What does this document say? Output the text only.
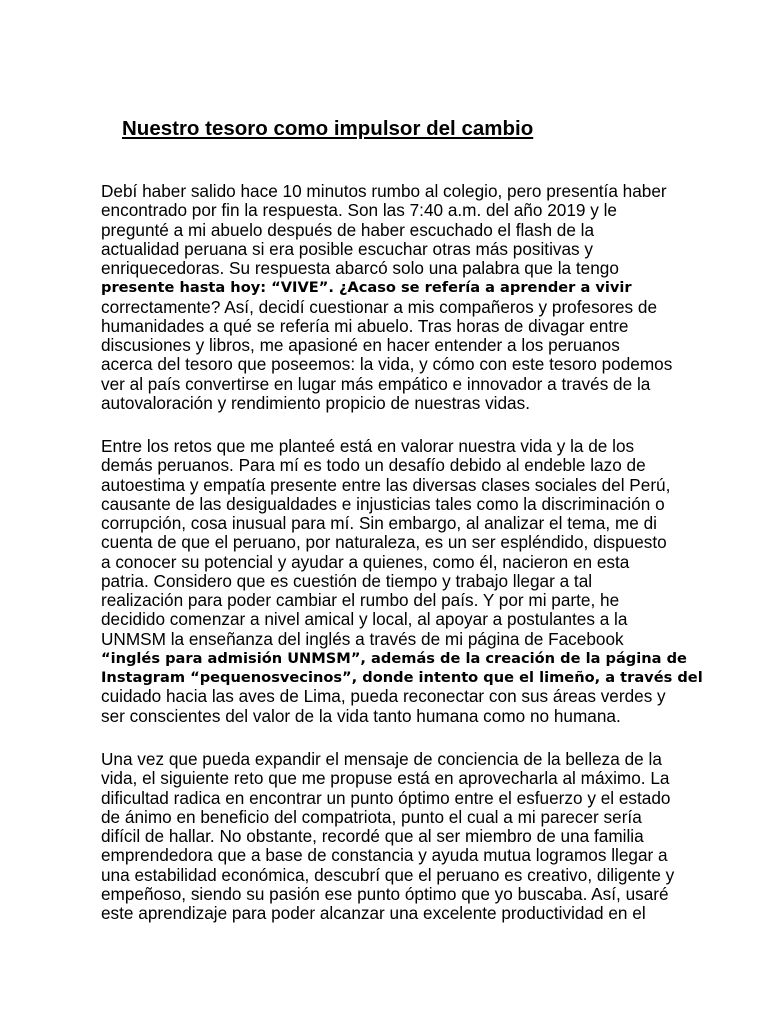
Nuestro tesoro como impulsor del cambio

Debí haber salido hace 10 minutos rumbo al colegio, pero presentía haber
encontrado por fin la respuesta. Son las 7:40 a.m. del año 2019 y le
pregunté a mi abuelo después de haber escuchado el flash de la
actualidad peruana si era posible escuchar otras más positivas y
enriquecedoras. Su respuesta abarcó solo una palabra que la tengo
presente hasta hoy: “VIVE”. ¿Acaso se refería a aprender a vivir
correctamente? Así, decidí cuestionar a mis compañeros y profesores de
humanidades a qué se refería mi abuelo. Tras horas de divagar entre
discusiones y libros, me apasioné en hacer entender a los peruanos
acerca del tesoro que poseemos: la vida, y cómo con este tesoro podemos
ver al país convertirse en lugar más empático e innovador a través de la
autovaloración y rendimiento propicio de nuestras vidas.

Entre los retos que me planteé está en valorar nuestra vida y la de los
demás peruanos. Para mí es todo un desafío debido al endeble lazo de
autoestima y empatía presente entre las diversas clases sociales del Perú,
causante de las desigualdades e injusticias tales como la discriminación o
corrupción, cosa inusual para mí. Sin embargo, al analizar el tema, me di
cuenta de que el peruano, por naturaleza, es un ser espléndido, dispuesto
a conocer su potencial y ayudar a quienes, como él, nacieron en esta
patria. Considero que es cuestión de tiempo y trabajo llegar a tal
realización para poder cambiar el rumbo del país. Y por mi parte, he
decidido comenzar a nivel amical y local, al apoyar a postulantes a la
UNMSM la enseñanza del inglés a través de mi página de Facebook
“inglés para admisión UNMSM”, además de la creación de la página de
Instagram “pequenosvecinos”, donde intento que el limeño, a través del
cuidado hacia las aves de Lima, pueda reconectar con sus áreas verdes y
ser conscientes del valor de la vida tanto humana como no humana.

Una vez que pueda expandir el mensaje de conciencia de la belleza de la
vida, el siguiente reto que me propuse está en aprovecharla al máximo. La
dificultad radica en encontrar un punto óptimo entre el esfuerzo y el estado
de ánimo en beneficio del compatriota, punto el cual a mi parecer sería
difícil de hallar. No obstante, recordé que al ser miembro de una familia
emprendedora que a base de constancia y ayuda mutua logramos llegar a
una estabilidad económica, descubrí que el peruano es creativo, diligente y
empeñoso, siendo su pasión ese punto óptimo que yo buscaba. Así, usaré
este aprendizaje para poder alcanzar una excelente productividad en el
